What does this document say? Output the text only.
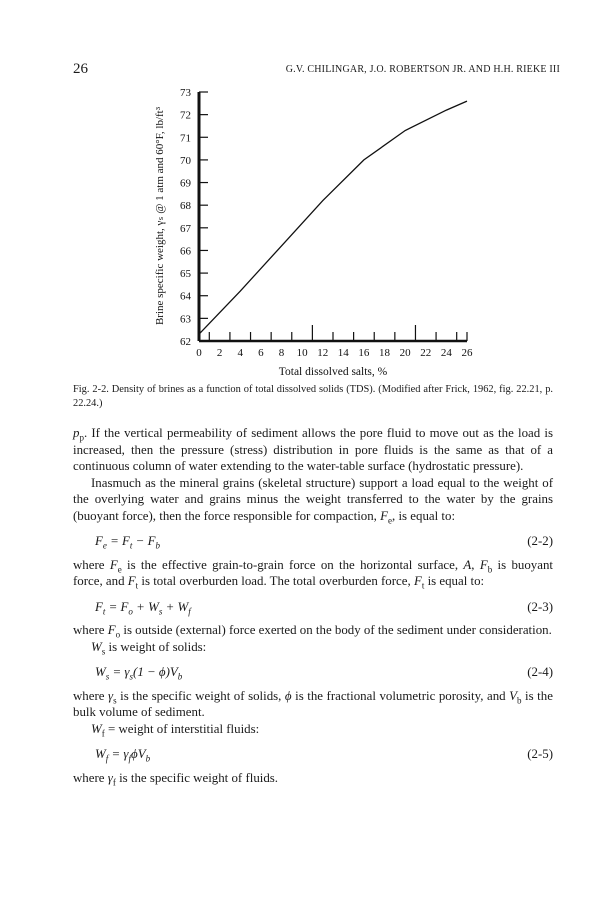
26	G.V. CHILINGAR, J.O. ROBERTSON JR. AND H.H. RIEKE III
62
63
64
65
66
67
68
69
70
71
72
73
0 2 4 6 8 10 12 14 16 18 20 22 24 26
Total dissolved salts, %
Brine specific weight, γₛ @ 1 atm and 60°F, lb/ft³
Fig. 2-2. Density of brines as a function of total dissolved solids (TDS). (Modified after Frick, 1962, fig. 22.21, p. 22.24.)

$p_p$. If the vertical permeability of sediment allows the pore fluid to move out as the load is increased, then the pressure (stress) distribution in pore fluids is the same as that of a continuous column of water extending to the water-table surface (hydrostatic pressure).

Inasmuch as the mineral grains (skeletal structure) support a load equal to the weight of the overlying water and grains minus the weight transferred to the water by the grains (buoyant force), then the force responsible for compaction, $F_e$, is equal to:

$F_e = F_t - F_b$	(2-2)

where $F_e$ is the effective grain-to-grain force on the horizontal surface, A, $F_b$ is buoyant force, and $F_t$ is total overburden load. The total overburden force, $F_t$ is equal to:

$F_t = F_o + W_s + W_f$	(2-3)

where $F_o$ is outside (external) force exerted on the body of the sediment under consideration.

$W_s$ is weight of solids:

$W_s = \gamma_s(1 - \phi)V_b$	(2-4)

where $\gamma_s$ is the specific weight of solids, ϕ is the fractional volumetric porosity, and $V_b$ is the bulk volume of sediment.

$W_f$ = weight of interstitial fluids:

$W_f = \gamma_f\phi V_b$	(2-5)

where $\gamma_f$ is the specific weight of fluids.
